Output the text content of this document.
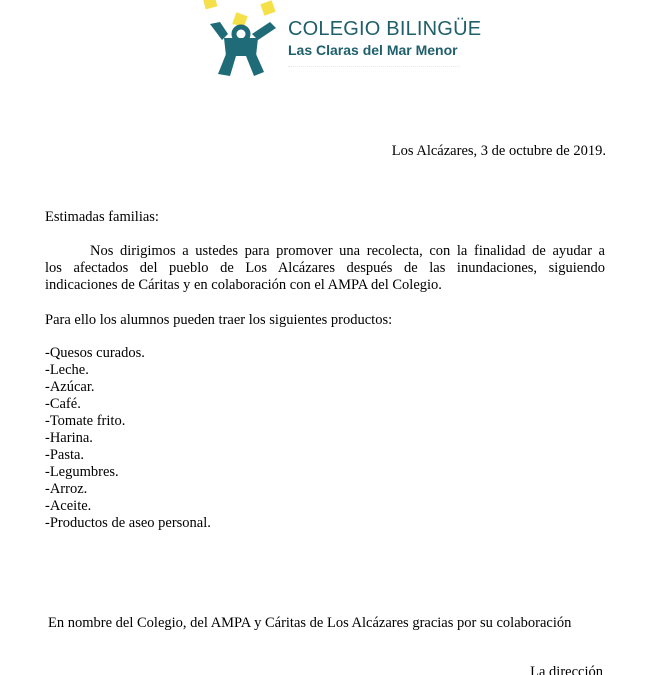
COLEGIO BILINGÜE
Las Claras del Mar Menor
Los Alcázares, 3 de octubre de 2019.
Estimadas familias:
Nos dirigimos a ustedes para promover una recolecta, con la finalidad de ayudar a
los afectados del pueblo de Los Alcázares después de las inundaciones, siguiendo
indicaciones de Cáritas y en colaboración con el AMPA del Colegio.
Para ello los alumnos pueden traer los siguientes productos:
-Quesos curados.
-Leche.
-Azúcar.
-Café.
-Tomate frito.
-Harina.
-Pasta.
-Legumbres.
-Arroz.
-Aceite.
-Productos de aseo personal.
En nombre del Colegio, del AMPA y Cáritas de Los Alcázares gracias por su colaboración
La dirección
